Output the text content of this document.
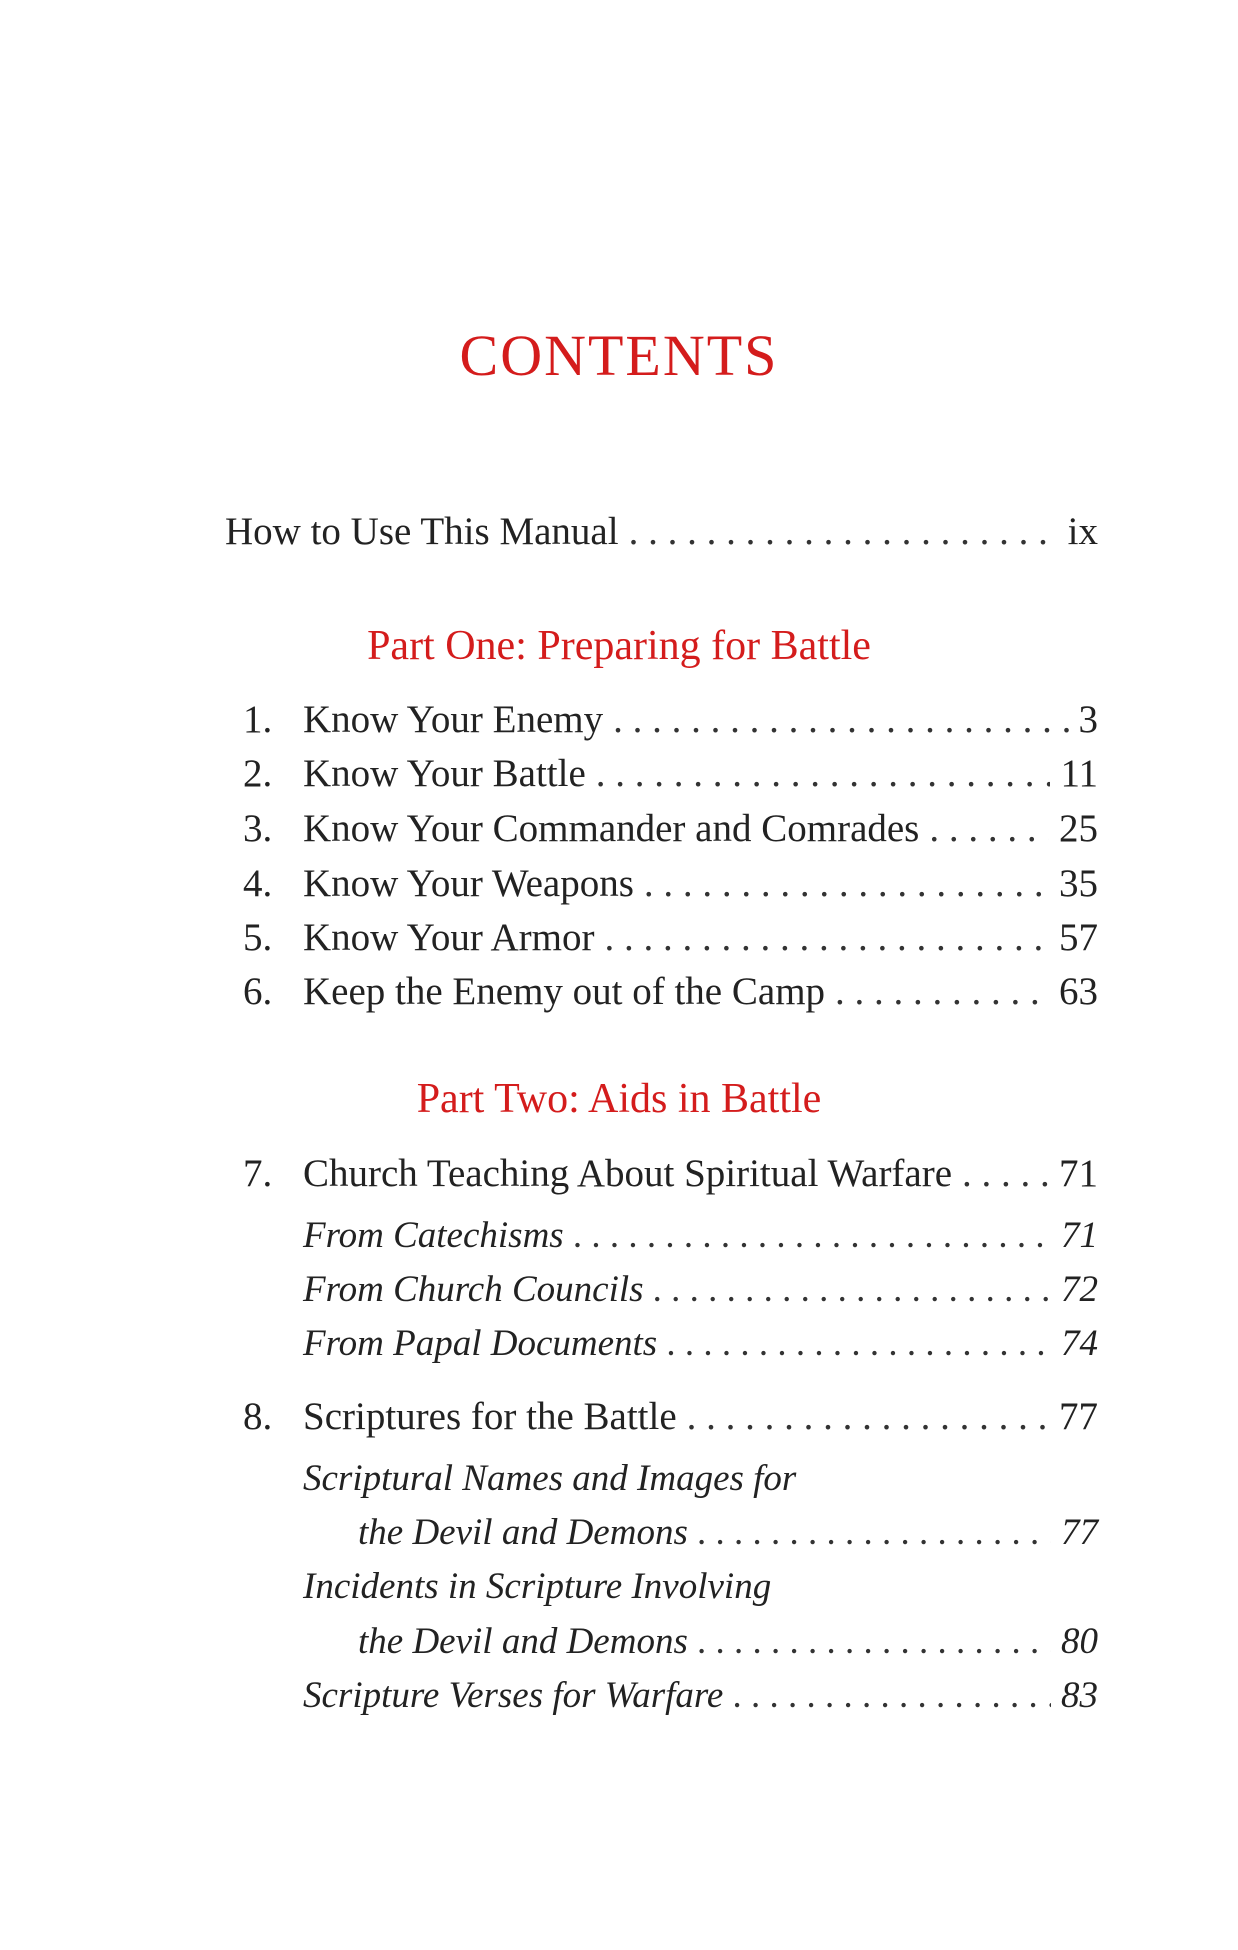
CONTENTS
How to Use This Manual . . .	ix
Part One: Preparing for Battle
1. Know Your Enemy . . .	3
2. Know Your Battle . . .	11
3. Know Your Commander and Comrades . . .	25
4. Know Your Weapons . . .	35
5. Know Your Armor . . .	57
6. Keep the Enemy out of the Camp . . .	63
Part Two: Aids in Battle
7. Church Teaching About Spiritual Warfare . . .	71
From Catechisms . . .	71
From Church Councils . . .	72
From Papal Documents . . .	74
8. Scriptures for the Battle . . .	77
Scriptural Names and Images for
the Devil and Demons . . .	77
Incidents in Scripture Involving
the Devil and Demons . . .	80
Scripture Verses for Warfare . . .	83
